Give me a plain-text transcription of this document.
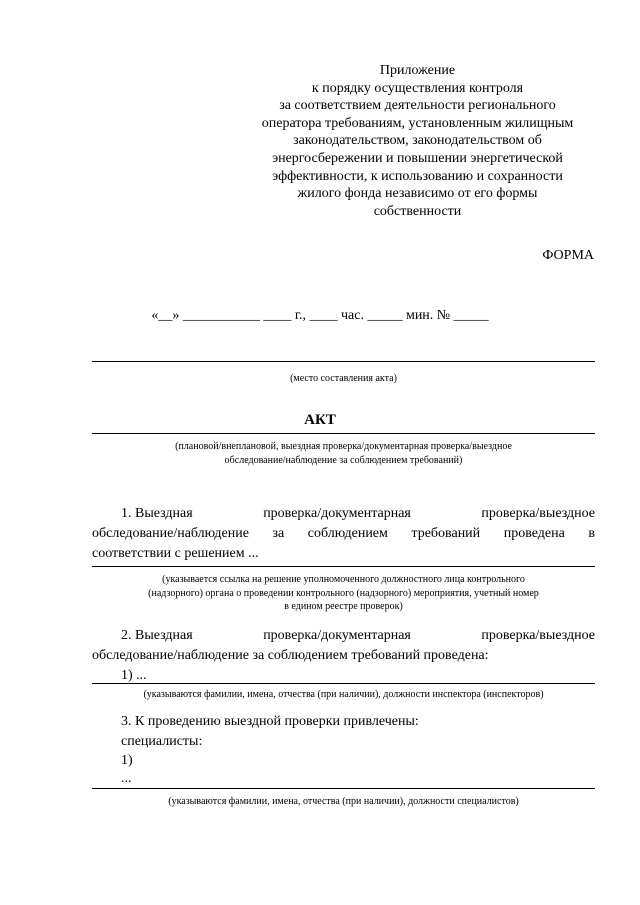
Приложение
к порядку осуществления контроля
за соответствием деятельности регионального
оператора требованиям, установленным жилищным
законодательством, законодательством об
энергосбережении и повышении энергетической
эффективности, к использованию и сохранности
жилого фонда независимо от его формы
собственности
ФОРМА
«__» ___________ ____ г., ____ час. _____ мин. № _____
(место составления акта)
АКТ
(плановой/внеплановой, выездная проверка/документарная проверка/выездное
обследование/наблюдение за соблюдением требований)
1. Выездная	проверка/документарная	проверка/выездное
обследование/наблюдение за соблюдением требований проведена в
соответствии с решением ...
(указывается ссылка на решение уполномоченного должностного лица контрольного
(надзорного) органа о проведении контрольного (надзорного) мероприятия, учетный номер
в едином реестре проверок)
2. Выездная	проверка/документарная	проверка/выездное
обследование/наблюдение за соблюдением требований проведена:
1) ...
(указываются фамилии, имена, отчества (при наличии), должности инспектора (инспекторов)
3. К проведению выездной проверки привлечены:
специалисты:
1)
...
(указываются фамилии, имена, отчества (при наличии), должности специалистов)
